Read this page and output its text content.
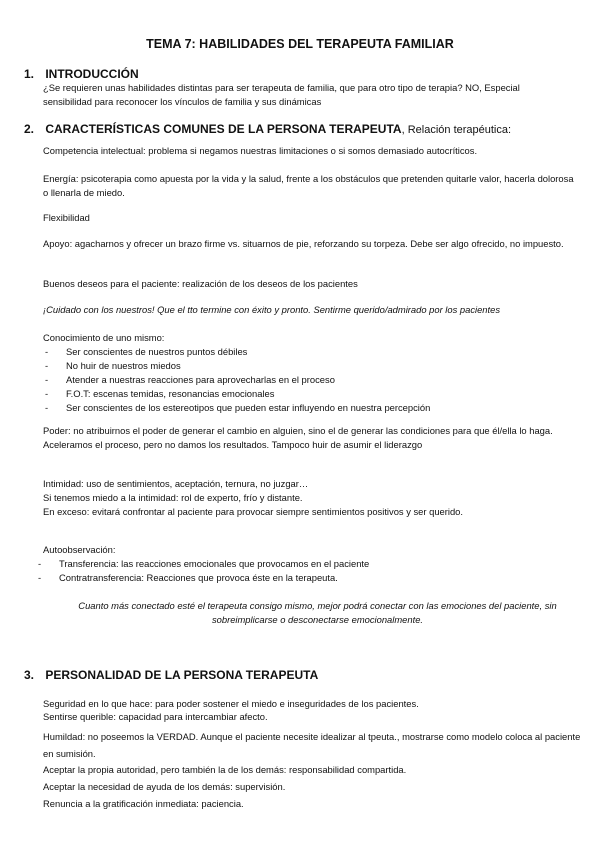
TEMA 7: HABILIDADES DEL TERAPEUTA FAMILIAR
1. INTRODUCCIÓN
¿Se requieren unas habilidades distintas para ser terapeuta de familia, que para otro tipo de terapia? NO, Especial sensibilidad para reconocer los vínculos de familia y sus dinámicas
2. CARACTERÍSTICAS COMUNES DE LA PERSONA TERAPEUTA, Relación terapéutica:
Competencia intelectual: problema si negamos nuestras limitaciones o si somos demasiado autocríticos.
Energía: psicoterapia como apuesta por la vida y la salud, frente a los obstáculos que pretenden quitarle valor, hacerla dolorosa o llenarla de miedo.
Flexibilidad
Apoyo: agacharnos y ofrecer un brazo firme vs. situarnos de pie, reforzando su torpeza. Debe ser algo ofrecido, no impuesto.
Buenos deseos para el paciente: realización de los deseos de los pacientes
¡Cuidado con los nuestros! Que el tto termine con éxito y pronto. Sentirme querido/admirado por los pacientes
Conocimiento de uno mismo:
- Ser conscientes de nuestros puntos débiles
- No huir de nuestros miedos
- Atender a nuestras reacciones para aprovecharlas en el proceso
- F.O.T: escenas temidas, resonancias emocionales
- Ser conscientes de los estereotipos que pueden estar influyendo en nuestra percepción
Poder: no atribuirnos el poder de generar el cambio en alguien, sino el de generar las condiciones para que él/ella lo haga. Aceleramos el proceso, pero no damos los resultados. Tampoco huir de asumir el liderazgo
Intimidad: uso de sentimientos, aceptación, ternura, no juzgar…
Si tenemos miedo a la intimidad: rol de experto, frío y distante.
En exceso: evitará confrontar al paciente para provocar siempre sentimientos positivos y ser querido.
Autoobservación:
- Transferencia: las reacciones emocionales que provocamos en el paciente
- Contratransferencia: Reacciones que provoca éste en la terapeuta.
Cuanto más conectado esté el terapeuta consigo mismo, mejor podrá conectar con las emociones del paciente, sin
sobreimplicarse o desconectarse emocionalmente.
3. PERSONALIDAD DE LA PERSONA TERAPEUTA
Seguridad en lo que hace: para poder sostener el miedo e inseguridades de los pacientes.
Sentirse querible: capacidad para intercambiar afecto.
Humildad: no poseemos la VERDAD. Aunque el paciente necesite idealizar al tpeuta., mostrarse como modelo coloca al paciente en sumisión.
Aceptar la propia autoridad, pero también la de los demás: responsabilidad compartida.
Aceptar la necesidad de ayuda de los demás: supervisión.
Renuncia a la gratificación inmediata: paciencia.
